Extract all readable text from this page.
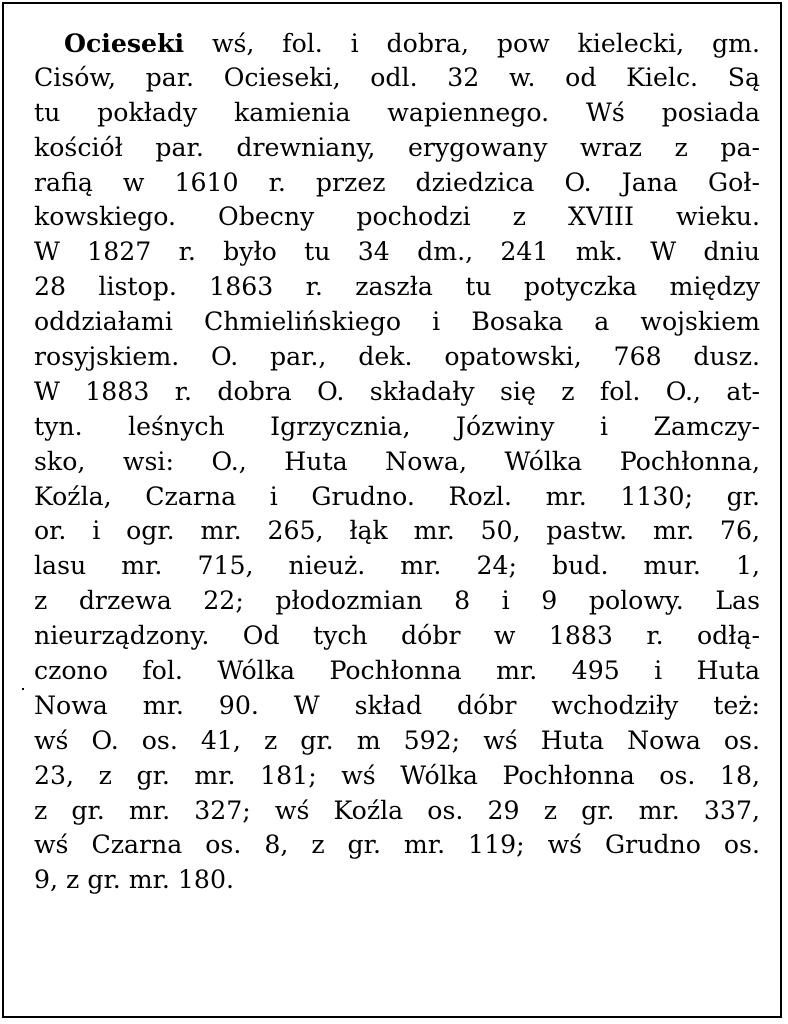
Ocieseki wś, fol. i dobra, pow kielecki, gm.
Cisów, par. Ocieseki, odl. 32 w. od Kielc. Są
tu pokłady kamienia wapiennego. Wś posiada
kościół par. drewniany, erygowany wraz z pa-
rafią w 1610 r. przez dziedzica O. Jana Goł-
kowskiego. Obecny pochodzi z XVIII wieku.
W 1827 r. było tu 34 dm., 241 mk. W dniu
28 listop. 1863 r. zaszła tu potyczka między
oddziałami Chmielińskiego i Bosaka a wojskiem
rosyjskiem. O. par., dek. opatowski, 768 dusz.
W 1883 r. dobra O. składały się z fol. O., at-
tyn. leśnych Igrzycznia, Józwiny i Zamczy-
sko, wsi: O., Huta Nowa, Wólka Pochłonna,
Koźla, Czarna i Grudno. Rozl. mr. 1130; gr.
or. i ogr. mr. 265, łąk mr. 50, pastw. mr. 76,
lasu mr. 715, nieuż. mr. 24; bud. mur. 1,
z drzewa 22; płodozmian 8 i 9 polowy. Las
nieurządzony. Od tych dóbr w 1883 r. odłą-
czono fol. Wólka Pochłonna mr. 495 i Huta
Nowa mr. 90. W skład dóbr wchodziły też:
wś O. os. 41, z gr. m 592; wś Huta Nowa os.
23, z gr. mr. 181; wś Wólka Pochłonna os. 18,
z gr. mr. 327; wś Koźla os. 29 z gr. mr. 337,
wś Czarna os. 8, z gr. mr. 119; wś Grudno os.
9, z gr. mr. 180.
